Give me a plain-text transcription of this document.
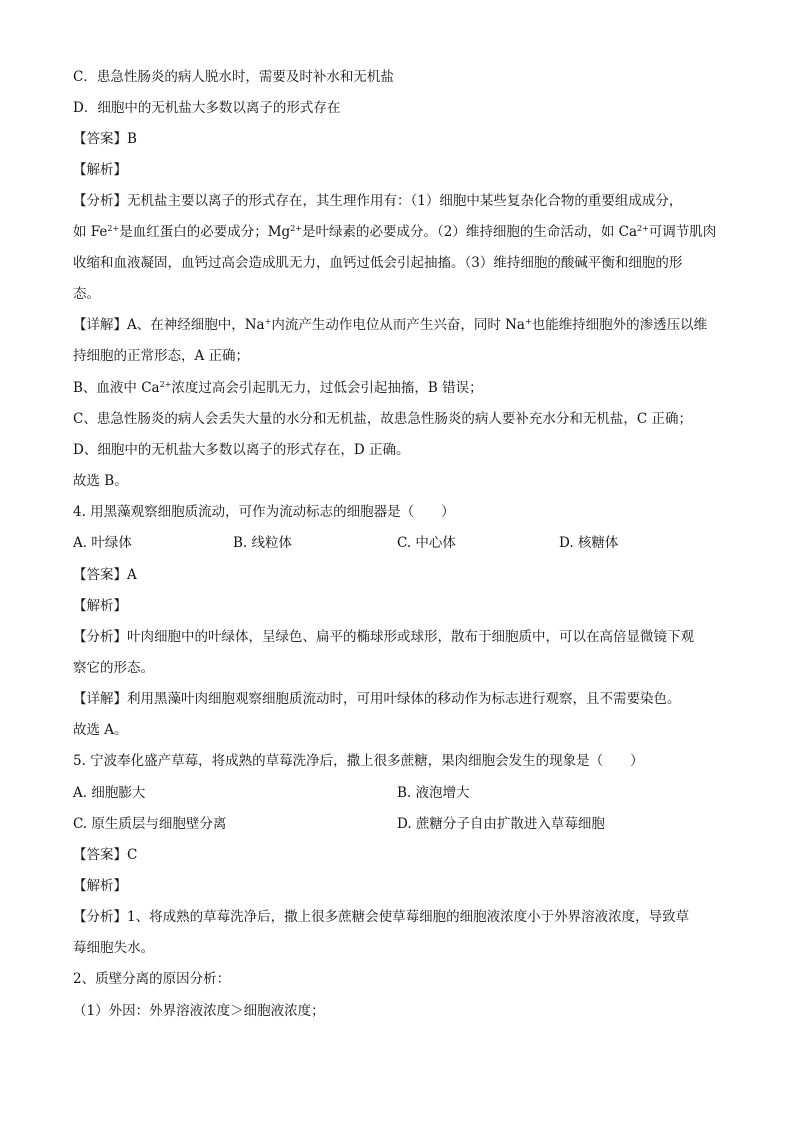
C．患急性肠炎的病人脱水时，需要及时补水和无机盐
D．细胞中的无机盐大多数以离子的形式存在
【答案】B
【解析】
【分析】无机盐主要以离子的形式存在，其生理作用有：（1）细胞中某些复杂化合物的重要组成成分，
如 $Fe^{2+}$是血红蛋白的必要成分；$Mg^{2+}$是叶绿素的必要成分。（2）维持细胞的生命活动，如 $Ca^{2+}$可调节肌肉
收缩和血液凝固，血钙过高会造成肌无力，血钙过低会引起抽搐。（3）维持细胞的酸碱平衡和细胞的形
态。
【详解】A、在神经细胞中，Na+内流产生动作电位从而产生兴奋，同时 Na+也能维持细胞外的渗透压以维
持细胞的正常形态，A 正确；
B、血液中 $Ca^{2+}$浓度过高会引起肌无力，过低会引起抽搐，B 错误；
C、患急性肠炎的病人会丢失大量的水分和无机盐，故患急性肠炎的病人要补充水分和无机盐，C 正确；
D、细胞中的无机盐大多数以离子的形式存在，D 正确。
故选 B。
4. 用黑藻观察细胞质流动，可作为流动标志的细胞器是（　　）
A. 叶绿体	B. 线粒体	C. 中心体	D. 核糖体
【答案】A
【解析】
【分析】叶肉细胞中的叶绿体，呈绿色、扁平的椭球形或球形，散布于细胞质中，可以在高倍显微镜下观
察它的形态。
【详解】利用黑藻叶肉细胞观察细胞质流动时，可用叶绿体的移动作为标志进行观察，且不需要染色。
故选 A。
5. 宁波奉化盛产草莓，将成熟的草莓洗净后，撒上很多蔗糖，果肉细胞会发生的现象是（　　）
A. 细胞膨大	B. 液泡增大
C. 原生质层与细胞壁分离	D. 蔗糖分子自由扩散进入草莓细胞
【答案】C
【解析】
【分析】1、将成熟的草莓洗净后，撒上很多蔗糖会使草莓细胞的细胞液浓度小于外界溶液浓度，导致草
莓细胞失水。
2、质壁分离的原因分析：
（1）外因：外界溶液浓度＞细胞液浓度；
